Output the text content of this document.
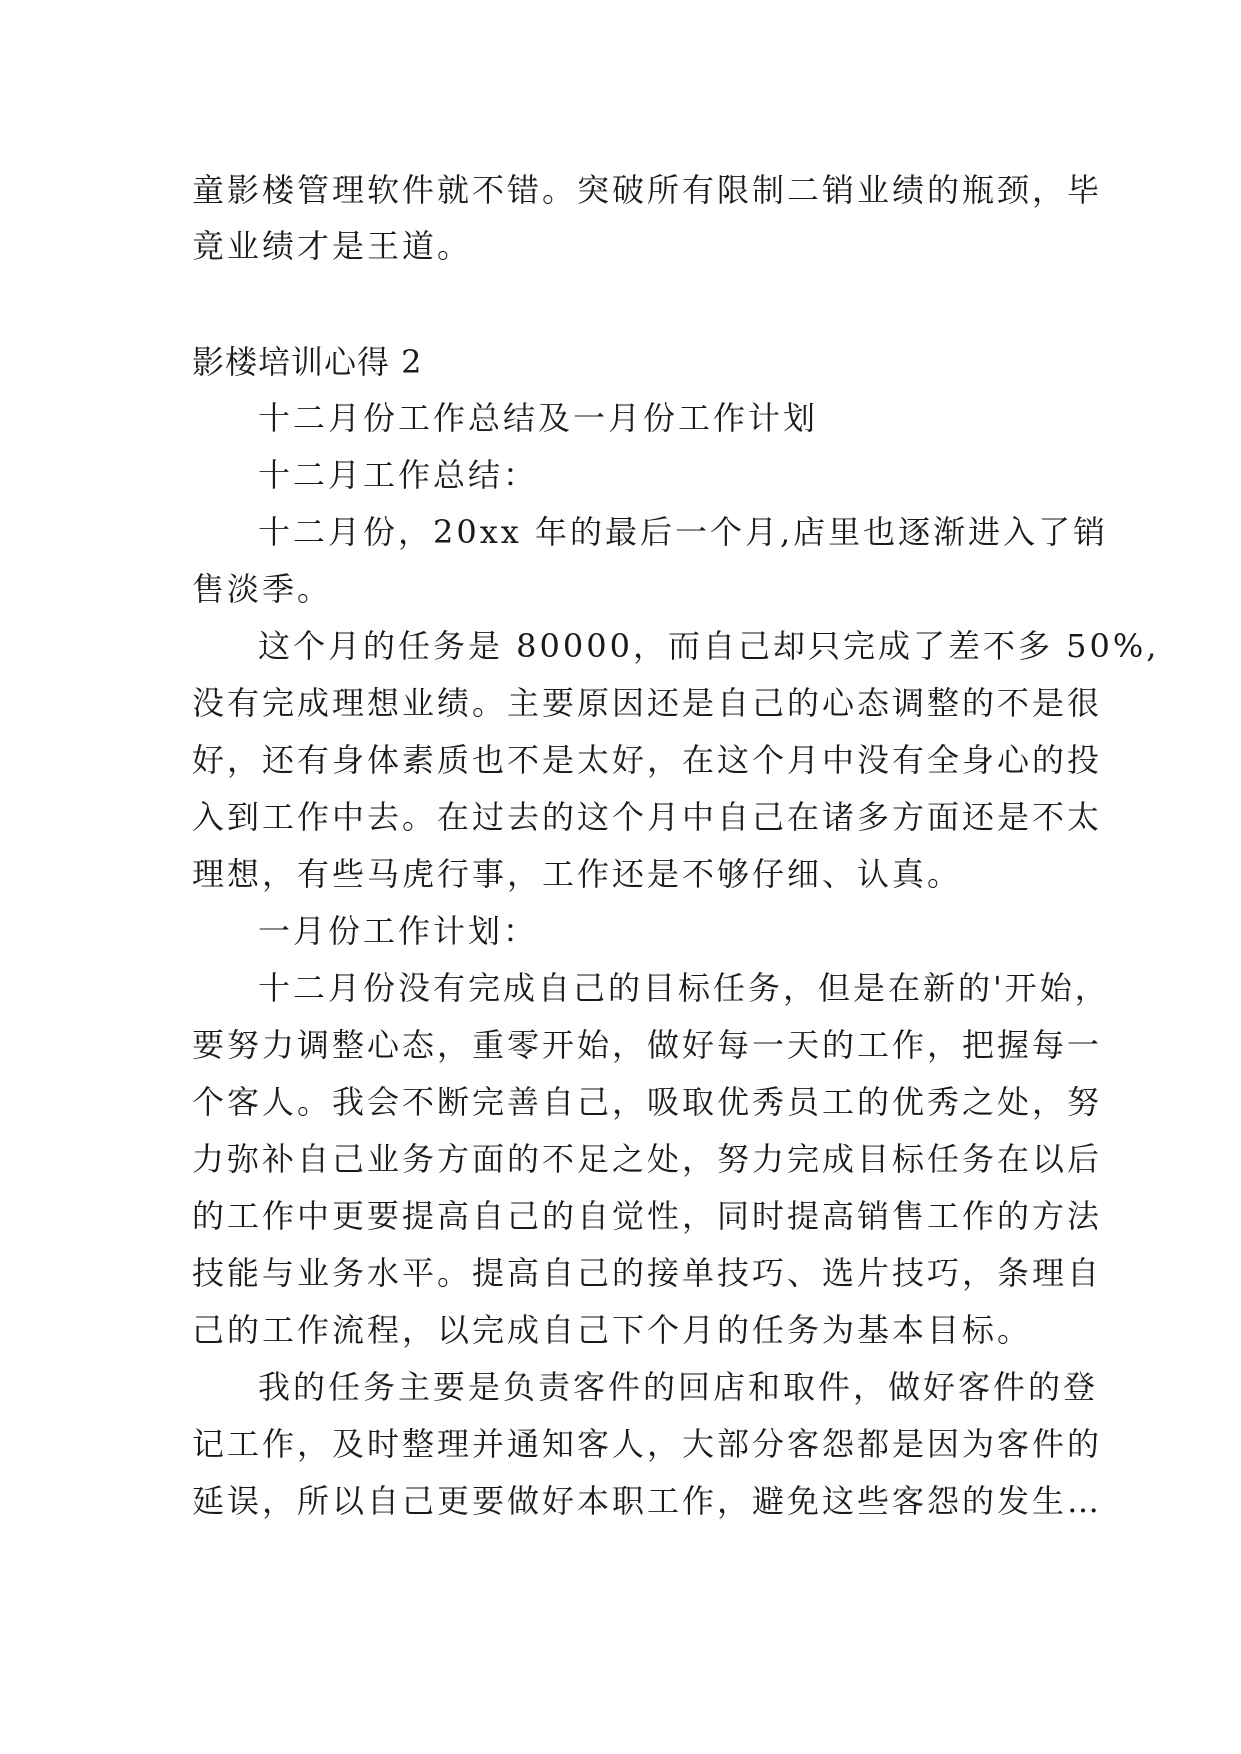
童影楼管理软件就不错。突破所有限制二销业绩的瓶颈，毕
竟业绩才是王道。
影楼培训心得 2
十二月份工作总结及一月份工作计划
十二月工作总结：
十二月份，20xx 年的最后一个月,店里也逐渐进入了销
售淡季。
这个月的任务是 80000，而自己却只完成了差不多 50%,
没有完成理想业绩。主要原因还是自己的心态调整的不是很
好，还有身体素质也不是太好，在这个月中没有全身心的投
入到工作中去。在过去的这个月中自己在诸多方面还是不太
理想，有些马虎行事，工作还是不够仔细、认真。
一月份工作计划：
十二月份没有完成自己的目标任务，但是在新的'开始，
要努力调整心态，重零开始，做好每一天的工作，把握每一
个客人。我会不断完善自己，吸取优秀员工的优秀之处，努
力弥补自己业务方面的不足之处，努力完成目标任务在以后
的工作中更要提高自己的自觉性，同时提高销售工作的方法
技能与业务水平。提高自己的接单技巧、选片技巧，条理自
己的工作流程，以完成自己下个月的任务为基本目标。
我的任务主要是负责客件的回店和取件，做好客件的登
记工作，及时整理并通知客人，大部分客怨都是因为客件的
延误，所以自己更要做好本职工作，避免这些客怨的发生…
